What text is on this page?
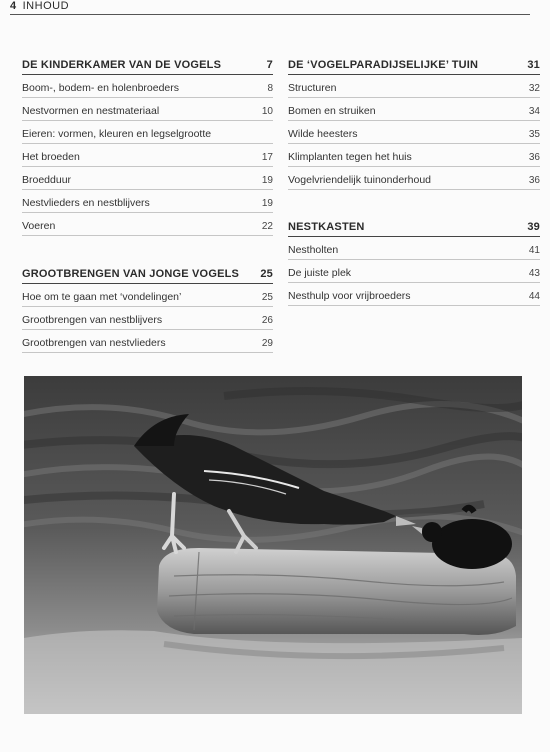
4 INHOUD
DE KINDERKAMER VAN DE VOGELS	7
Boom-, bodem- en holenbroeders	8
Nestvormen en nestmateriaal	10
Eieren: vormen, kleuren en legselgrootte
Het broeden	17
Broedduur	19
Nestvlieders en nestblijvers	19
Voeren	22
GROOTBRENGEN VAN JONGE VOGELS 25
Hoe om te gaan met ‘vondelingen’	25
Grootbrengen van nestblijvers	26
Grootbrengen van nestvlieders	29
DE ‘VOGELPARADIJSELIJKE’ TUIN	31
Structuren	32
Bomen en struiken	34
Wilde heesters	35
Klimplanten tegen het huis	36
Vogelvriendelijk tuinonderhoud	36
NESTKASTEN	39
Nestholten	41
De juiste plek	43
Nesthulp voor vrijbroeders	44
